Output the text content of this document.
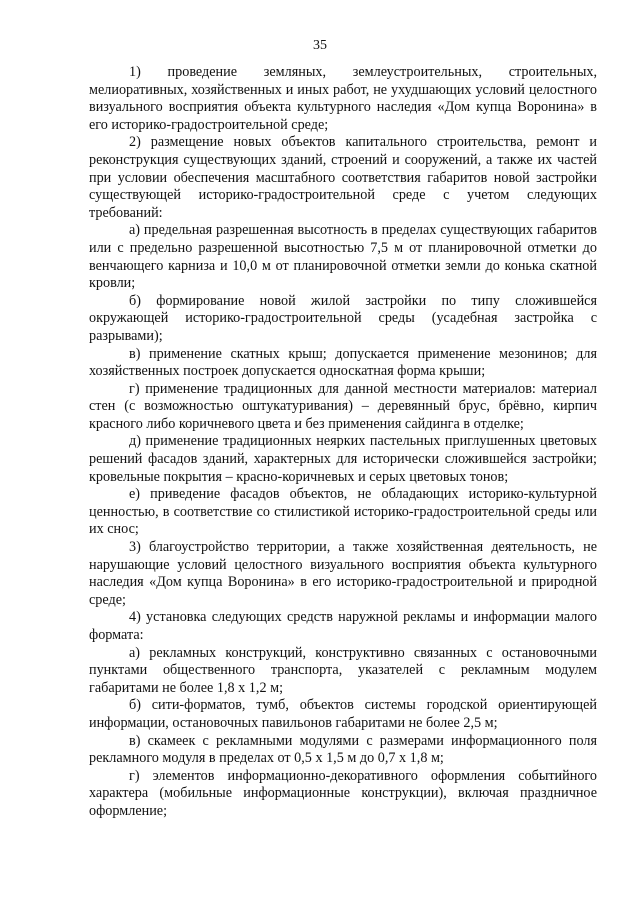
35

1) проведение земляных, землеустроительных, строительных, мелиоративных, хозяйственных и иных работ, не ухудшающих условий целостного визуального восприятия объекта культурного наследия «Дом купца Воронина» в его историко-градостроительной среде;

2) размещение новых объектов капитального строительства, ремонт и реконструкция существующих зданий, строений и сооружений, а также их частей при условии обеспечения масштабного соответствия габаритов новой застройки существующей историко-градостроительной среде с учетом следующих требований:

а) предельная разрешенная высотность в пределах существующих габаритов или с предельно разрешенной высотностью 7,5 м от планировочной отметки до венчающего карниза и 10,0 м от планировочной отметки земли до конька скатной кровли;

б) формирование новой жилой застройки по типу сложившейся окружающей историко-градостроительной среды (усадебная застройка с разрывами);

в) применение скатных крыш; допускается применение мезонинов; для хозяйственных построек допускается односкатная форма крыши;

г) применение традиционных для данной местности материалов: материал стен (с возможностью оштукатуривания) – деревянный брус, брёвно, кирпич красного либо коричневого цвета и без применения сайдинга в отделке;

д) применение традиционных неярких пастельных приглушенных цветовых решений фасадов зданий, характерных для исторически сложившейся застройки; кровельные покрытия – красно-коричневых и серых цветовых тонов;

е) приведение фасадов объектов, не обладающих историко-культурной ценностью, в соответствие со стилистикой историко-градостроительной среды или их снос;

3) благоустройство территории, а также хозяйственная деятельность, не нарушающие условий целостного визуального восприятия объекта культурного наследия «Дом купца Воронина» в его историко-градостроительной и природной среде;

4) установка следующих средств наружной рекламы и информации малого формата:

а) рекламных конструкций, конструктивно связанных с остановочными пунктами общественного транспорта, указателей с рекламным модулем габаритами не более 1,8 х 1,2 м;

б) сити-форматов, тумб, объектов системы городской ориентирующей информации, остановочных павильонов габаритами не более 2,5 м;

в) скамеек с рекламными модулями с размерами информационного поля рекламного модуля в пределах от 0,5 х 1,5 м до 0,7 х 1,8 м;

г) элементов информационно-декоративного оформления событийного характера (мобильные информационные конструкции), включая праздничное оформление;
